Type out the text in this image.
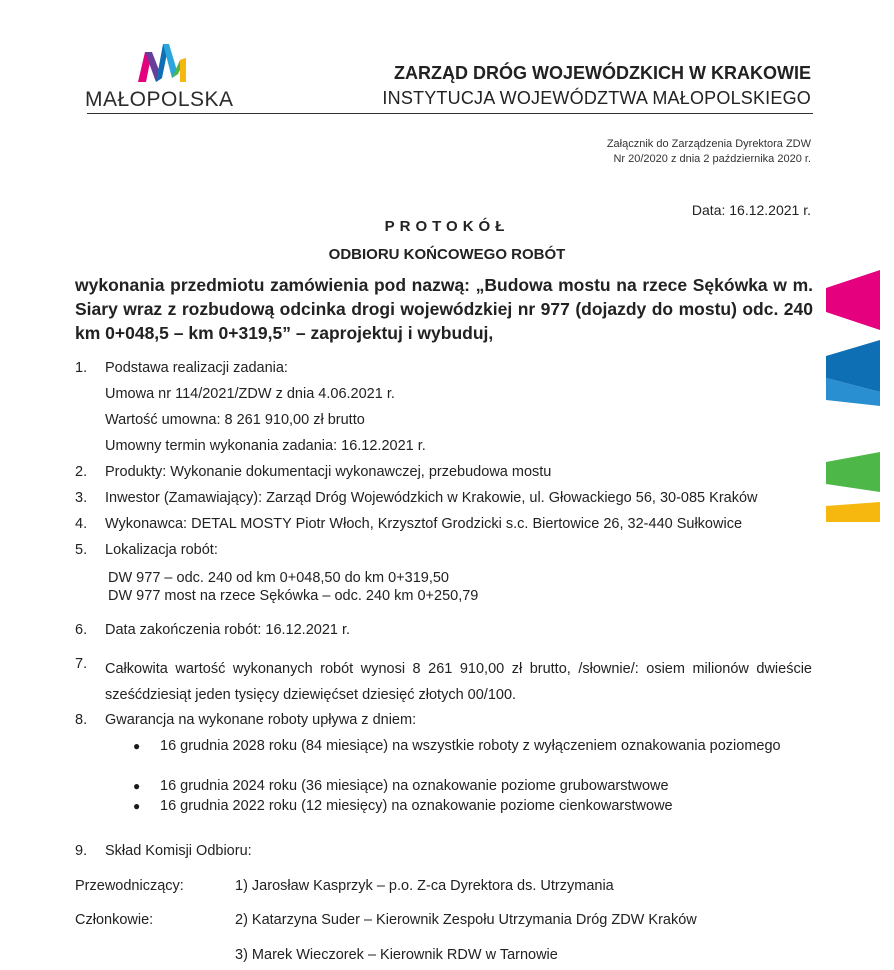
MAŁOPOLSKA
ZARZĄD DRÓG WOJEWÓDZKICH W KRAKOWIE
INSTYTUCJA WOJEWÓDZTWA MAŁOPOLSKIEGO
Załącznik do Zarządzenia Dyrektora ZDW
Nr 20/2020 z dnia 2 października 2020 r.
Data: 16.12.2021 r.
PROTOKÓŁ
ODBIORU KOŃCOWEGO ROBÓT
wykonania przedmiotu zamówienia pod nazwą: „Budowa mostu na rzece Sękówka w m. Siary wraz z rozbudową odcinka drogi wojewódzkiej nr 977 (dojazdy do mostu) odc. 240 km 0+048,5 – km 0+319,5” – zaprojektuj i wybuduj,
1. Podstawa realizacji zadania:
Umowa nr 114/2021/ZDW z dnia 4.06.2021 r.
Wartość umowna: 8 261 910,00 zł brutto
Umowny termin wykonania zadania: 16.12.2021 r.
2. Produkty: Wykonanie dokumentacji wykonawczej, przebudowa mostu
3. Inwestor (Zamawiający): Zarząd Dróg Wojewódzkich w Krakowie, ul. Głowackiego 56, 30-085 Kraków
4. Wykonawca: DETAL MOSTY Piotr Włoch, Krzysztof Grodzicki s.c. Biertowice 26, 32-440 Sułkowice
5. Lokalizacja robót:
DW 977 – odc. 240 od km 0+048,50 do km 0+319,50
DW 977 most na rzece Sękówka – odc. 240 km 0+250,79
6. Data zakończenia robót: 16.12.2021 r.
7. Całkowita wartość wykonanych robót wynosi 8 261 910,00 zł brutto, /słownie/: osiem milionów dwieście sześćdziesiąt jeden tysięcy dziewięćset dziesięć złotych 00/100.
8. Gwarancja na wykonane roboty upływa z dniem:
● 16 grudnia 2028 roku (84 miesiące) na wszystkie roboty z wyłączeniem oznakowania poziomego
● 16 grudnia 2024 roku (36 miesiące) na oznakowanie poziome grubowarstwowe
● 16 grudnia 2022 roku (12 miesięcy) na oznakowanie poziome cienkowarstwowe
9. Skład Komisji Odbioru:
Przewodniczący:	1) Jarosław Kasprzyk – p.o. Z-ca Dyrektora ds. Utrzymania
Członkowie:	2) Katarzyna Suder – Kierownik Zespołu Utrzymania Dróg ZDW Kraków
3) Marek Wieczorek – Kierownik RDW w Tarnowie
